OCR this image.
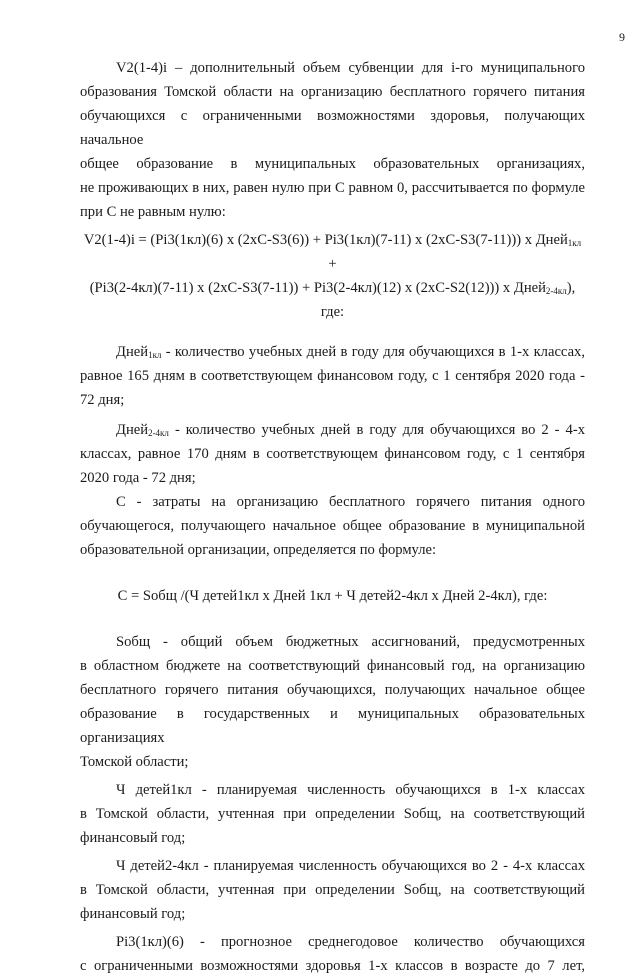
9

V2(1-4)i – дополнительный объем субвенции для i-го муниципального

образования Томской области на организацию бесплатного горячего питания

обучающихся с ограниченными возможностями здоровья, получающих начальное

общее образование в муниципальных образовательных организациях,

не проживающих в них, равен нулю при С равном 0, рассчитывается по формуле

при С не равным нулю:

V2(1-4)i = (Pi3(1кл)(6) x (2xC-S3(6)) + Pi3(1кл)(7-11) x (2xC-S3(7-11))) x Дней$_{1кл}$ +

(Pi3(2-4кл)(7-11) x (2xC-S3(7-11)) + Pi3(2-4кл)(12) x (2xC-S2(12))) x Дней$_{2-4кл}$), где:

Дней$_{1кл}$ - количество учебных дней в году для обучающихся в 1-х классах,

равное 165 дням в соответствующем финансовом году, с 1 сентября 2020 года -

72 дня;

Дней$_{2-4кл}$ - количество учебных дней в году для обучающихся во 2 - 4-х

классах, равное 170 дням в соответствующем финансовом году, с 1 сентября

2020 года - 72 дня;

C - затраты на организацию бесплатного горячего питания одного

обучающегося, получающего начальное общее образование в муниципальной

образовательной организации, определяется по формуле:

C = Sобщ /(Ч детей1кл x Дней 1кл + Ч детей2-4кл x Дней 2-4кл), где:

Sобщ - общий объем бюджетных ассигнований, предусмотренных

в областном бюджете на соответствующий финансовый год, на организацию

бесплатного горячего питания обучающихся, получающих начальное общее

образование в государственных и муниципальных образовательных организациях

Томской области;

Ч детей1кл - планируемая численность обучающихся в 1-х классах

в Томской области, учтенная при определении Sобщ, на соответствующий

финансовый год;

Ч детей2-4кл - планируемая численность обучающихся во 2 - 4-х классах

в Томской области, учтенная при определении Sобщ, на соответствующий

финансовый год;

Pi3(1кл)(6) - прогнозное среднегодовое количество обучающихся

с ограниченными возможностями здоровья 1-х классов в возрасте до 7 лет,
